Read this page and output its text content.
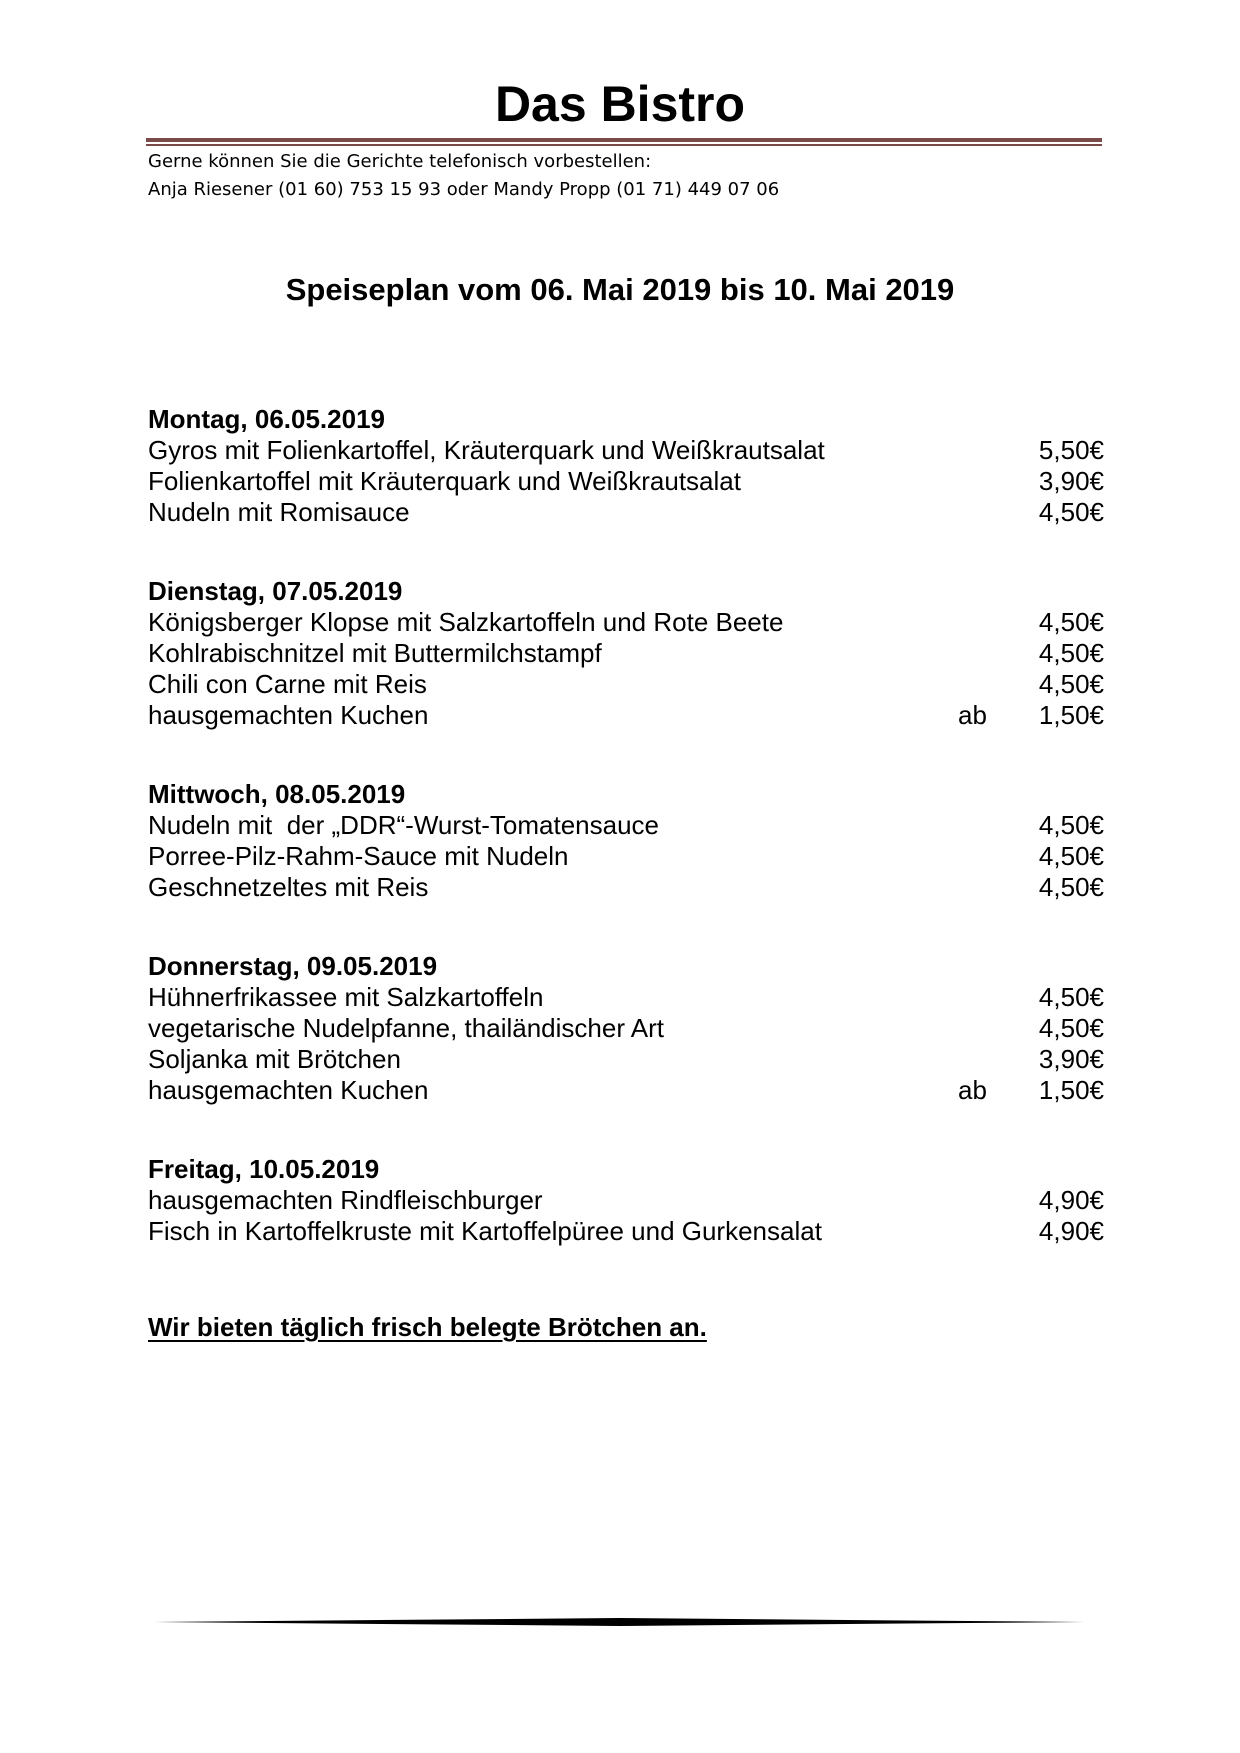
Das Bistro
Gerne können Sie die Gerichte telefonisch vorbestellen:
Anja Riesener (01 60) 753 15 93 oder Mandy Propp (01 71) 449 07 06
Speiseplan vom 06. Mai 2019 bis 10. Mai 2019
Montag, 06.05.2019
Gyros mit Folienkartoffel, Kräuterquark und Weißkrautsalat	5,50€
Folienkartoffel mit Kräuterquark und Weißkrautsalat	3,90€
Nudeln mit Romisauce	4,50€
Dienstag, 07.05.2019
Königsberger Klopse mit Salzkartoffeln und Rote Beete	4,50€
Kohlrabischnitzel mit Buttermilchstampf	4,50€
Chili con Carne mit Reis	4,50€
hausgemachten Kuchen	ab 1,50€
Mittwoch, 08.05.2019
Nudeln mit  der „DDR“-Wurst-Tomatensauce	4,50€
Porree-Pilz-Rahm-Sauce mit Nudeln	4,50€
Geschnetzeltes mit Reis	4,50€
Donnerstag, 09.05.2019
Hühnerfrikassee mit Salzkartoffeln	4,50€
vegetarische Nudelpfanne, thailändischer Art	4,50€
Soljanka mit Brötchen	3,90€
hausgemachten Kuchen	ab 1,50€
Freitag, 10.05.2019
hausgemachten Rindfleischburger	4,90€
Fisch in Kartoffelkruste mit Kartoffelpüree und Gurkensalat	4,90€
Wir bieten täglich frisch belegte Brötchen an.
